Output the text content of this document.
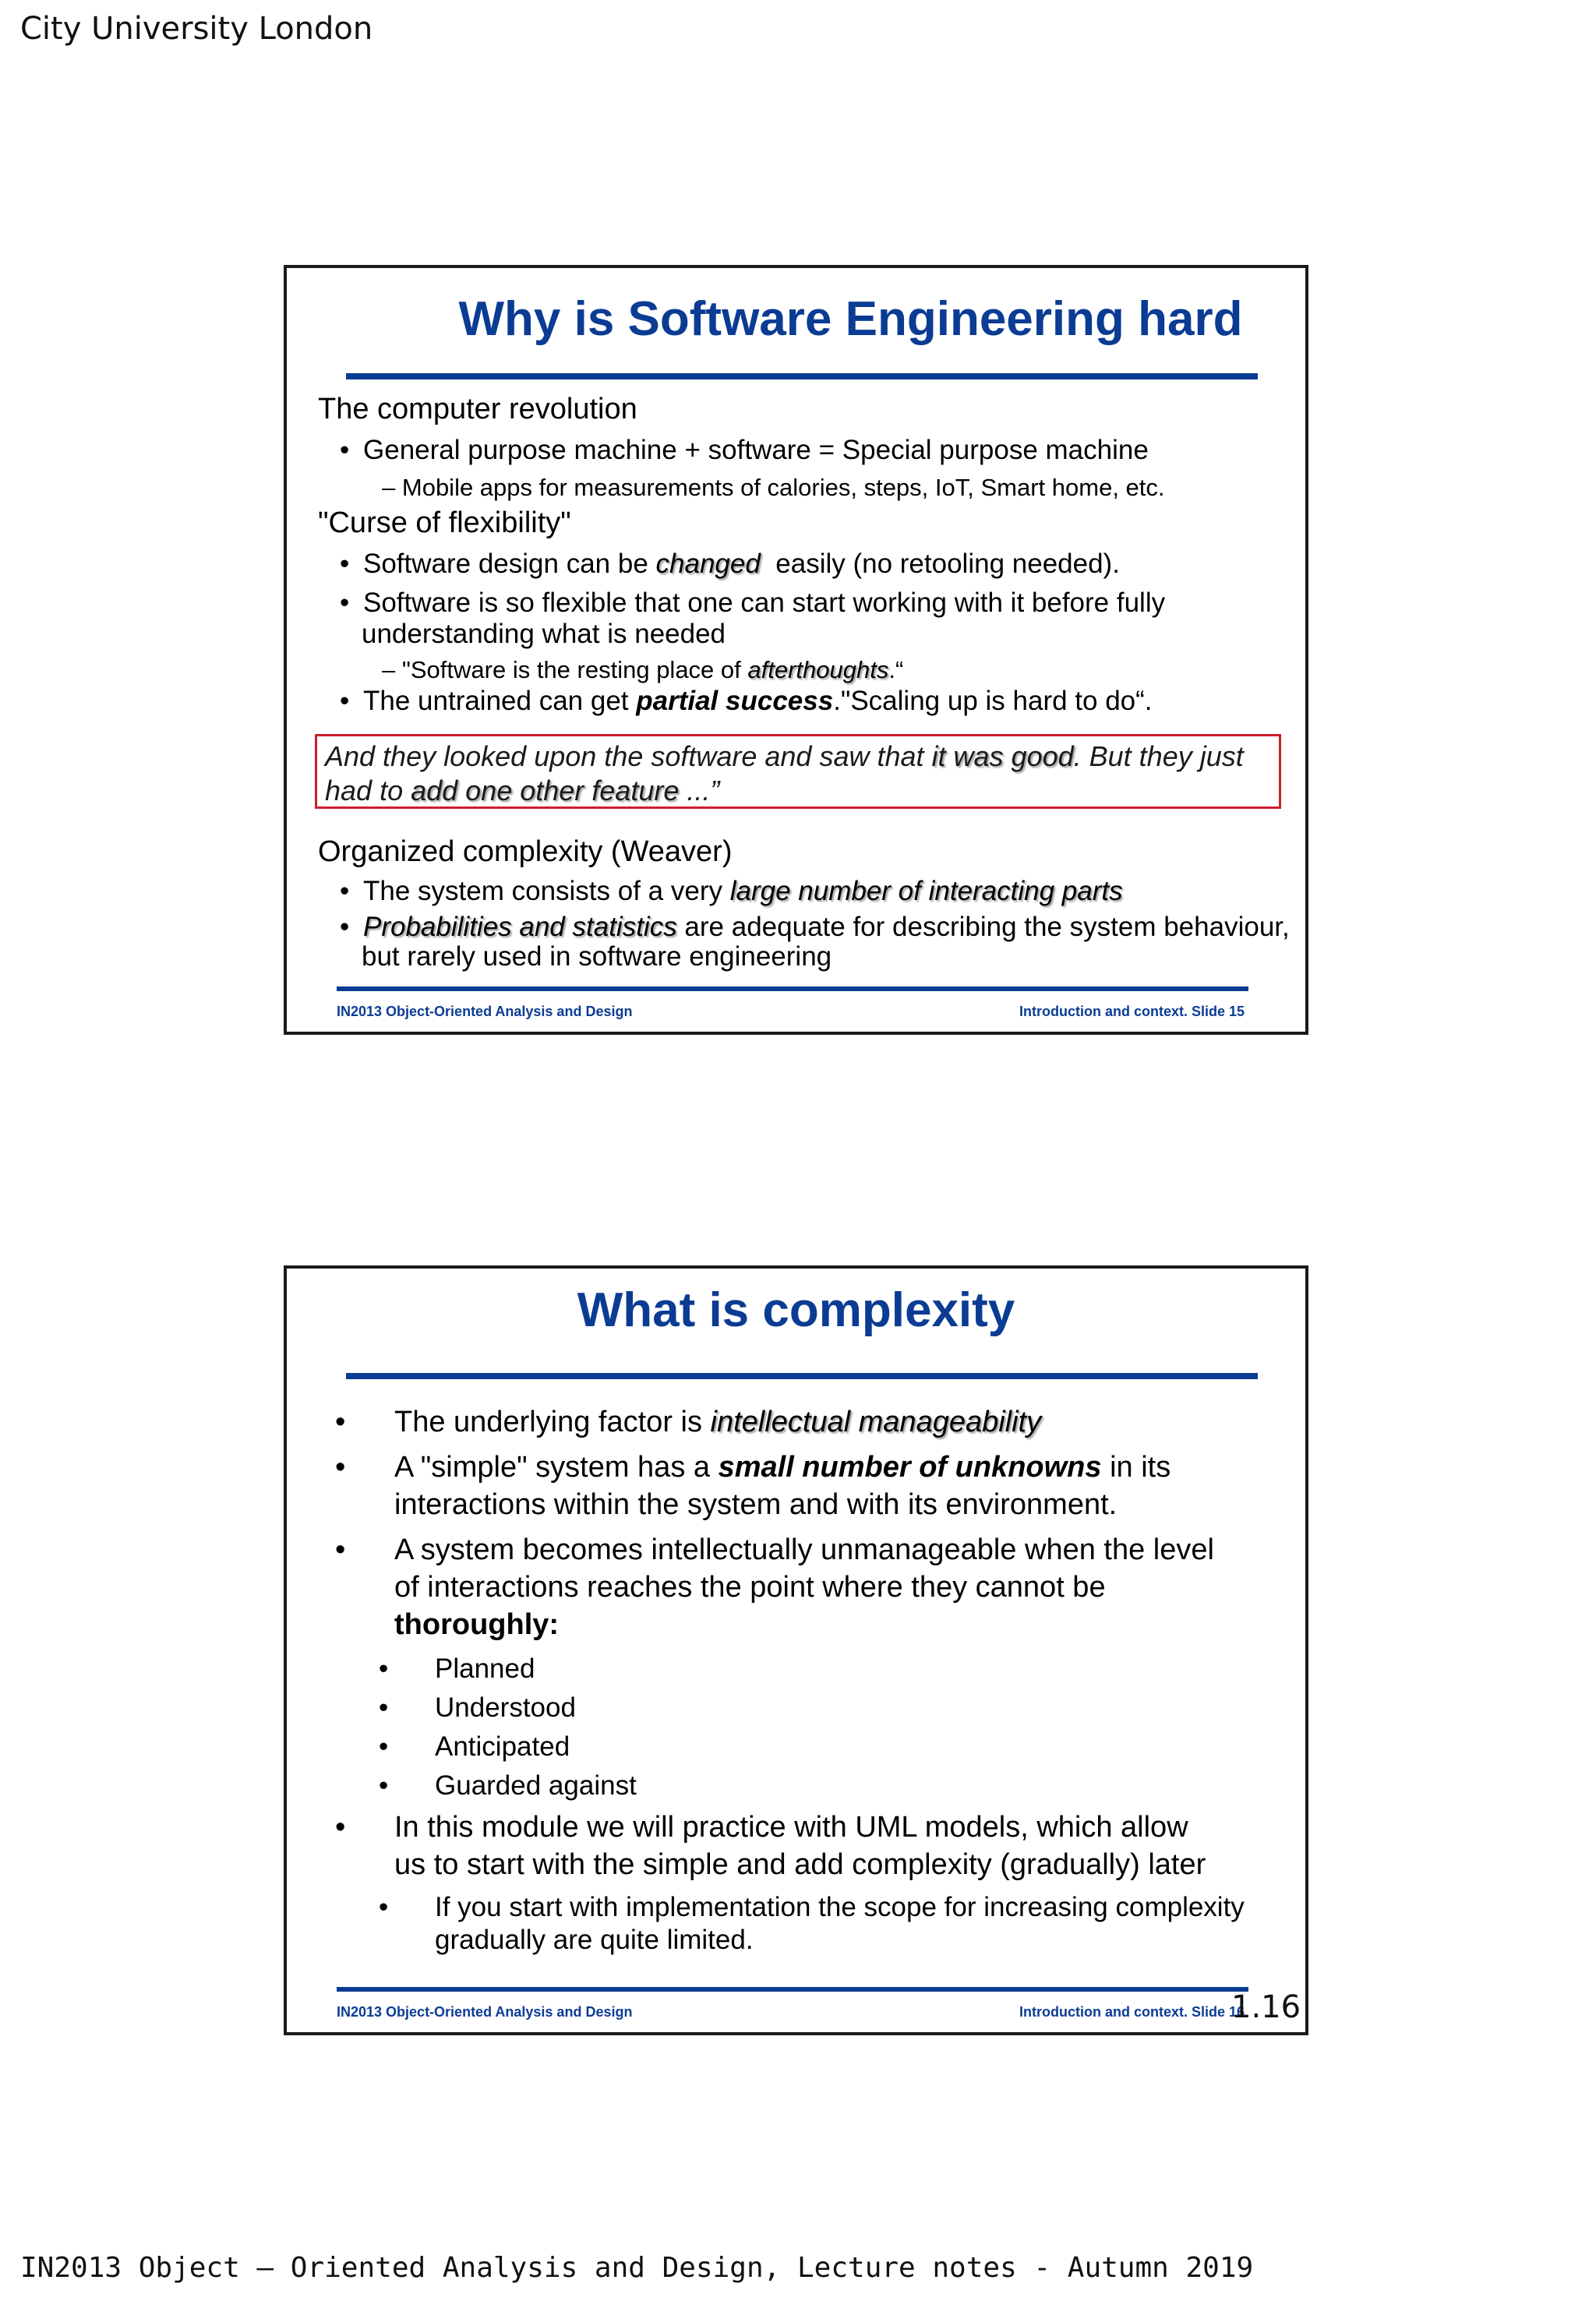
City University London
Why is Software Engineering hard
The computer revolution
• General purpose machine + software = Special purpose machine
– Mobile apps for measurements of calories, steps, IoT, Smart home, etc.
"Curse of flexibility"
• Software design can be changed  easily (no retooling needed).
• Software is so flexible that one can start working with it before fully
understanding what is needed
– "Software is the resting place of afterthoughts.“
• The untrained can get partial success."Scaling up is hard to do“.
And they looked upon the software and saw that it was good. But they just
had to add one other feature ...”
Organized complexity (Weaver)
• The system consists of a very large number of interacting parts
• Probabilities and statistics are adequate for describing the system behaviour,
but rarely used in software engineering
IN2013 Object-Oriented Analysis and Design	Introduction and context. Slide 15
What is complexity
• The underlying factor is intellectual manageability
• A "simple" system has a small number of unknowns in its
interactions within the system and with its environment.
• A system becomes intellectually unmanageable when the level
of interactions reaches the point where they cannot be
thoroughly:
• Planned
• Understood
• Anticipated
• Guarded against
• In this module we will practice with UML models, which allow
us to start with the simple and add complexity (gradually) later
• If you start with implementation the scope for increasing complexity
gradually are quite limited.
IN2013 Object-Oriented Analysis and Design	Introduction and context. Slide 16
1.16
IN2013 Object – Oriented Analysis and Design, Lecture notes - Autumn 2019
